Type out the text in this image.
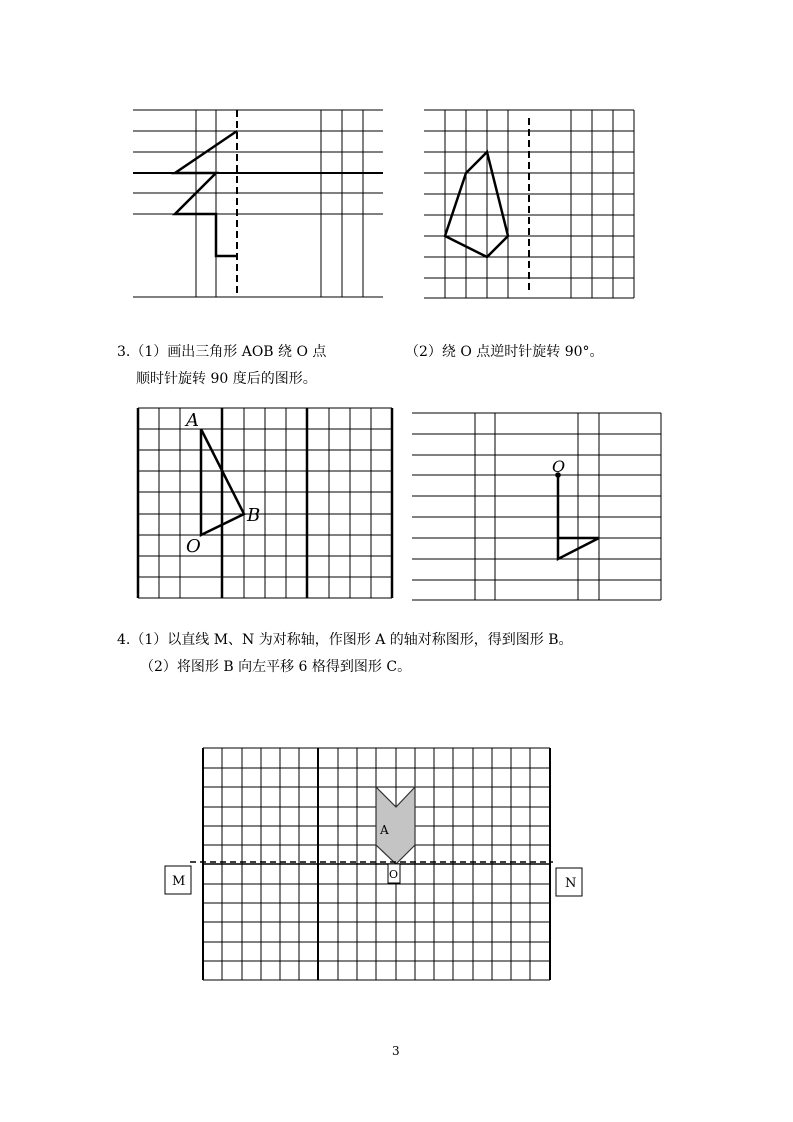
A
B
O
O
A
O
M	N
3.（1）画出三角形 AOB 绕 O 点
顺时针旋转 90 度后的图形。
（2）绕 O 点逆时针旋转 90°。
4.（1）以直线 M、N 为对称轴，作图形 A 的轴对称图形，得到图形 B。
（2）将图形 B 向左平移 6 格得到图形 C。
3
